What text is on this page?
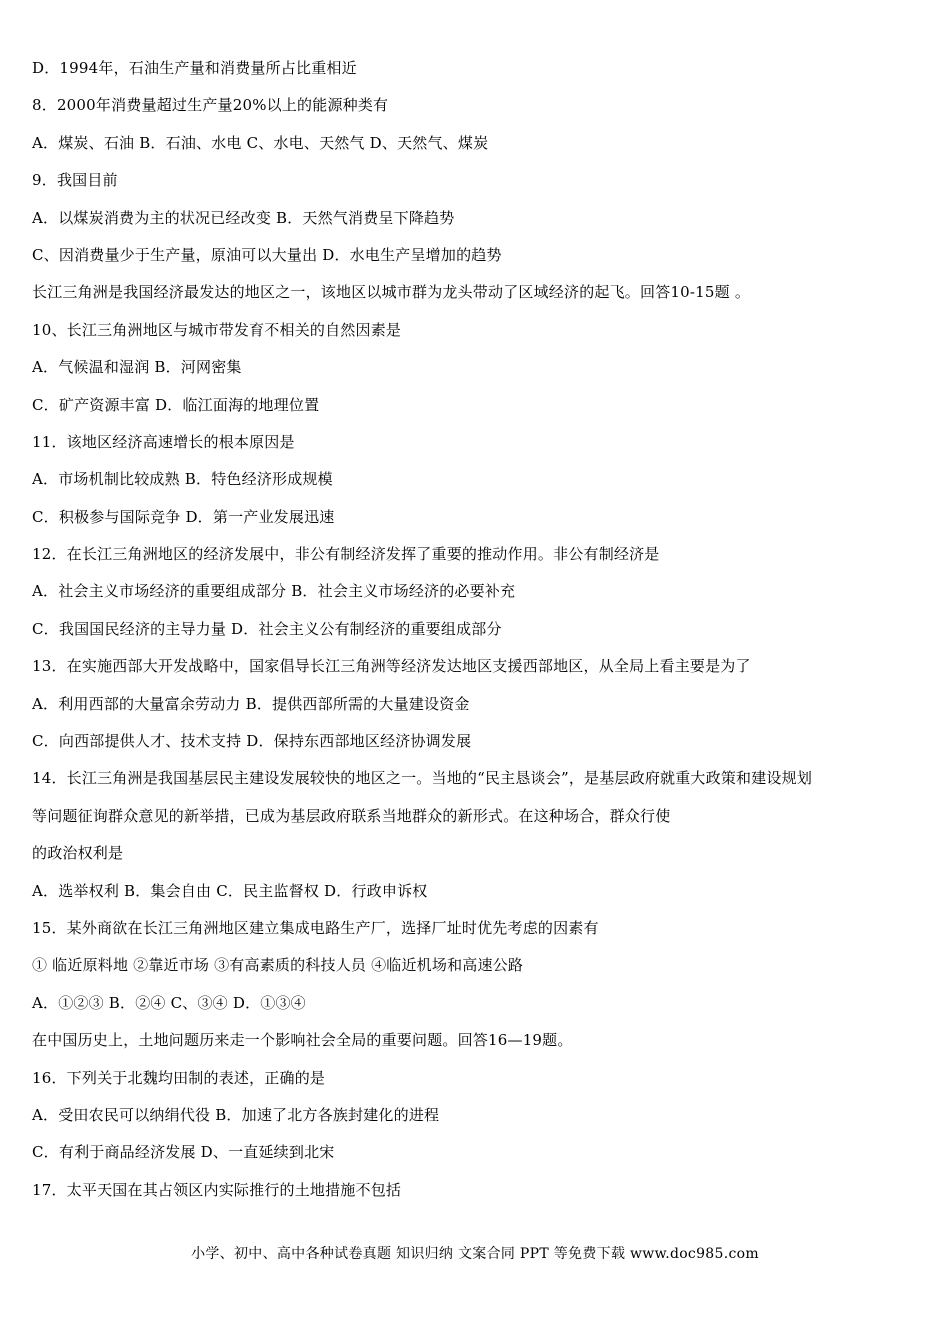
D．1994年，石油生产量和消费量所占比重相近
8．2000年消费量超过生产量20%以上的能源种类有
A．煤炭、石油 B．石油、水电 C、水电、天然气 D、天然气、煤炭
9．我国目前
A．以煤炭消费为主的状况已经改变 B．天然气消费呈下降趋势
C、因消费量少于生产量，原油可以大量出 D．水电生产呈增加的趋势
长江三角洲是我国经济最发达的地区之一，该地区以城市群为龙头带动了区域经济的起飞。回答10-15题 。
10、长江三角洲地区与城市带发育不相关的自然因素是
A．气候温和湿润 B．河网密集
C．矿产资源丰富 D．临江面海的地理位置
11．该地区经济高速增长的根本原因是
A．市场机制比较成熟 B．特色经济形成规模
C．积极参与国际竞争 D．第一产业发展迅速
12．在长江三角洲地区的经济发展中，非公有制经济发挥了重要的推动作用。非公有制经济是
A．社会主义市场经济的重要组成部分 B．社会主义市场经济的必要补充
C．我国国民经济的主导力量 D．社会主义公有制经济的重要组成部分
13．在实施西部大开发战略中，国家倡导长江三角洲等经济发达地区支援西部地区，从全局上看主要是为了
A．利用西部的大量富余劳动力 B．提供西部所需的大量建设资金
C．向西部提供人才、技术支持 D．保持东西部地区经济协调发展
14．长江三角洲是我国基层民主建设发展较快的地区之一。当地的“民主恳谈会”，是基层政府就重大政策和建设规划
等问题征询群众意见的新举措，已成为基层政府联系当地群众的新形式。在这种场合，群众行使
的政治权利是
A．选举权利 B．集会自由 C．民主监督权 D．行政申诉权
15．某外商欲在长江三角洲地区建立集成电路生产厂，选择厂址时优先考虑的因素有
① 临近原料地 ②靠近市场 ③有高素质的科技人员 ④临近机场和高速公路
A．①②③ B．②④ C、③④ D．①③④
在中国历史上，土地问题历来走一个影响社会全局的重要问题。回答16—19题。
16．下列关于北魏均田制的表述，正确的是
A．受田农民可以纳绢代役 B．加速了北方各族封建化的进程
C．有利于商品经济发展 D、一直延续到北宋
17．太平天国在其占领区内实际推行的土地措施不包括
小学、初中、高中各种试卷真题 知识归纳 文案合同 PPT 等免费下载 www.doc985.com
